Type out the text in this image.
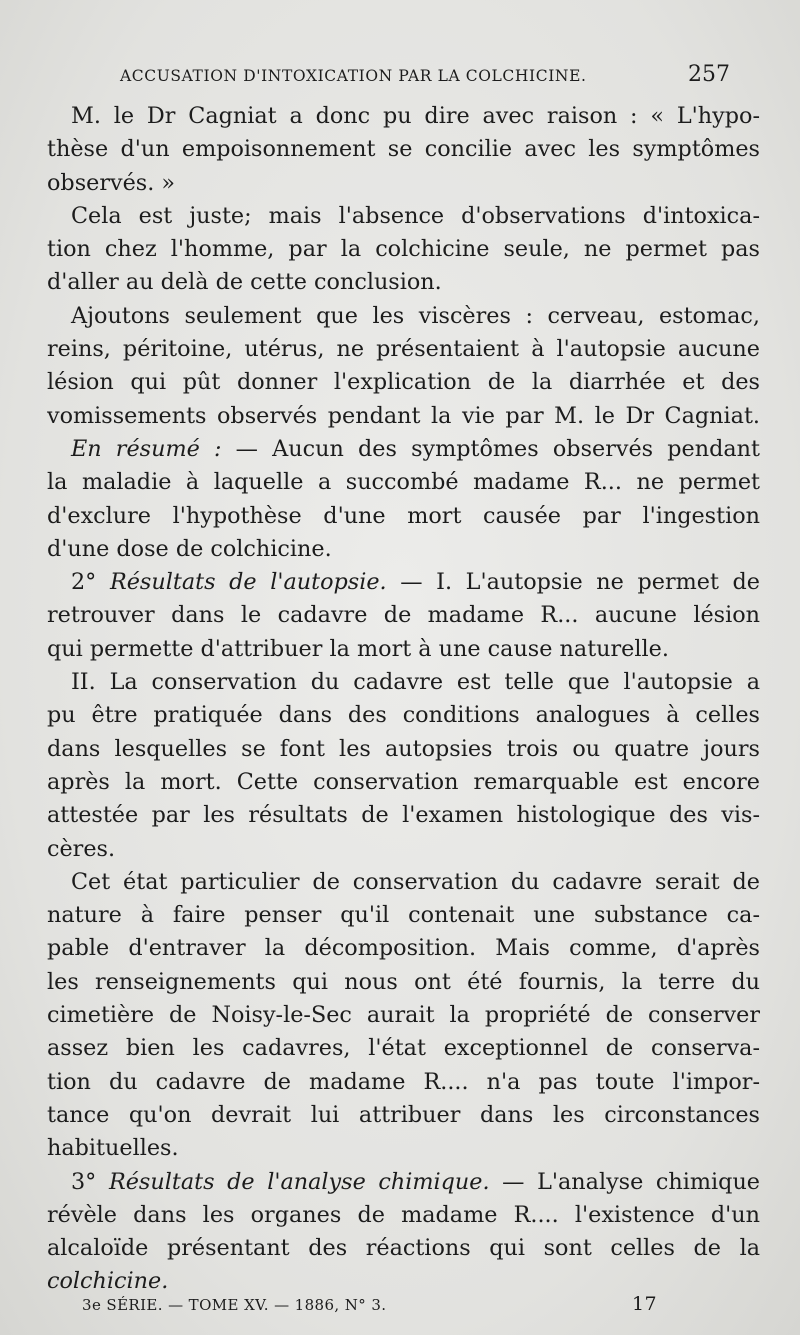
ACCUSATION D'INTOXICATION PAR LA COLCHICINE.	257
M. le Dr Cagniat a donc pu dire avec raison : « L'hypo-
thèse d'un empoisonnement se concilie avec les symptômes
observés. »
Cela est juste; mais l'absence d'observations d'intoxica-
tion chez l'homme, par la colchicine seule, ne permet pas
d'aller au delà de cette conclusion.
Ajoutons seulement que les viscères : cerveau, estomac,
reins, péritoine, utérus, ne présentaient à l'autopsie aucune
lésion qui pût donner l'explication de la diarrhée et des
vomissements observés pendant la vie par M. le Dr Cagniat.
En résumé : — Aucun des symptômes observés pendant
la maladie à laquelle a succombé madame R... ne permet
d'exclure l'hypothèse d'une mort causée par l'ingestion
d'une dose de colchicine.
2° Résultats de l'autopsie. — I. L'autopsie ne permet de
retrouver dans le cadavre de madame R... aucune lésion
qui permette d'attribuer la mort à une cause naturelle.
II. La conservation du cadavre est telle que l'autopsie a
pu être pratiquée dans des conditions analogues à celles
dans lesquelles se font les autopsies trois ou quatre jours
après la mort. Cette conservation remarquable est encore
attestée par les résultats de l'examen histologique des vis-
cères.
Cet état particulier de conservation du cadavre serait de
nature à faire penser qu'il contenait une substance ca-
pable d'entraver la décomposition. Mais comme, d'après
les renseignements qui nous ont été fournis, la terre du
cimetière de Noisy-le-Sec aurait la propriété de conserver
assez bien les cadavres, l'état exceptionnel de conserva-
tion du cadavre de madame R.... n'a pas toute l'impor-
tance qu'on devrait lui attribuer dans les circonstances
habituelles.
3° Résultats de l'analyse chimique. — L'analyse chimique
révèle dans les organes de madame R.... l'existence d'un
alcaloïde présentant des réactions qui sont celles de la
colchicine.
3e SÉRIE. — TOME XV. — 1886, N° 3.	17
